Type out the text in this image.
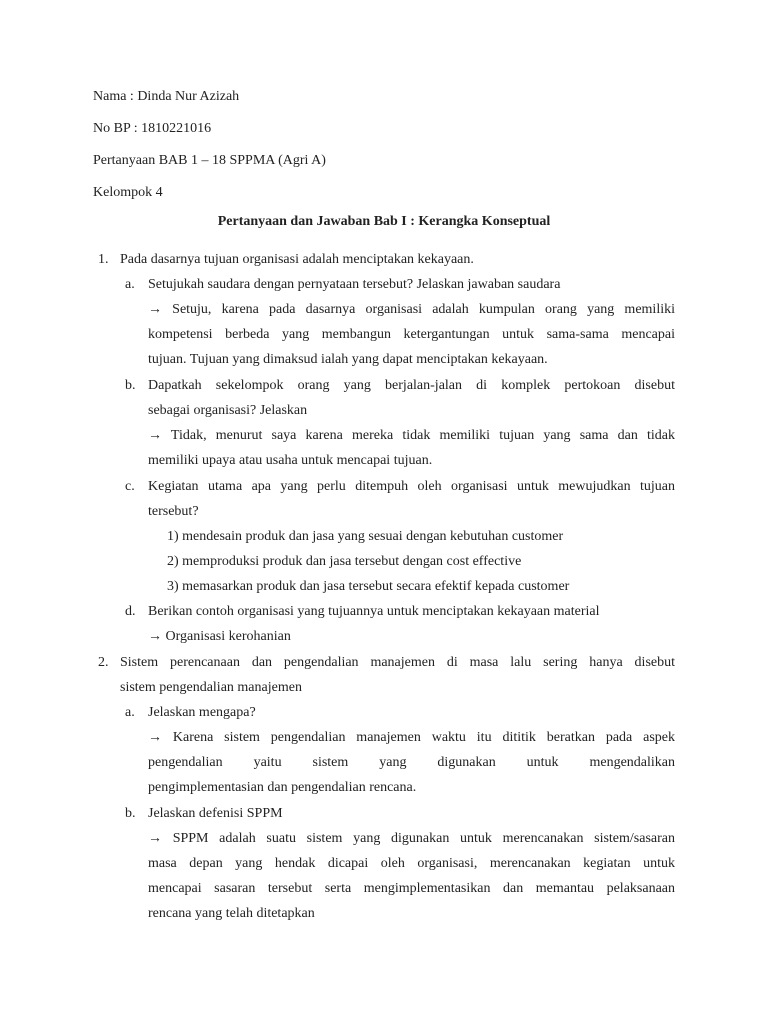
Nama : Dinda Nur Azizah
No BP : 1810221016
Pertanyaan BAB 1 – 18 SPPMA (Agri A)
Kelompok 4
Pertanyaan dan Jawaban Bab I : Kerangka Konseptual
1. Pada dasarnya tujuan organisasi adalah menciptakan kekayaan.
a. Setujukah saudara dengan pernyataan tersebut? Jelaskan jawaban saudara
→ Setuju, karena pada dasarnya organisasi adalah kumpulan orang yang memiliki
kompetensi berbeda yang membangun ketergantungan untuk sama-sama mencapai
tujuan. Tujuan yang dimaksud ialah yang dapat menciptakan kekayaan.
b. Dapatkah sekelompok orang yang berjalan-jalan di komplek pertokoan disebut
sebagai organisasi? Jelaskan
→ Tidak, menurut saya karena mereka tidak memiliki tujuan yang sama dan tidak
memiliki upaya atau usaha untuk mencapai tujuan.
c. Kegiatan utama apa yang perlu ditempuh oleh organisasi untuk mewujudkan tujuan
tersebut?
1) mendesain produk dan jasa yang sesuai dengan kebutuhan customer
2) memproduksi produk dan jasa tersebut dengan cost effective
3) memasarkan produk dan jasa tersebut secara efektif kepada customer
d. Berikan contoh organisasi yang tujuannya untuk menciptakan kekayaan material
→ Organisasi kerohanian
2. Sistem perencanaan dan pengendalian manajemen di masa lalu sering hanya disebut
sistem pengendalian manajemen
a. Jelaskan mengapa?
→ Karena sistem pengendalian manajemen waktu itu dititik beratkan pada aspek
pengendalian yaitu sistem yang digunakan untuk mengendalikan
pengimplementasian dan pengendalian rencana.
b. Jelaskan defenisi SPPM
→ SPPM adalah suatu sistem yang digunakan untuk merencanakan sistem/sasaran
masa depan yang hendak dicapai oleh organisasi, merencanakan kegiatan untuk
mencapai sasaran tersebut serta mengimplementasikan dan memantau pelaksanaan
rencana yang telah ditetapkan
